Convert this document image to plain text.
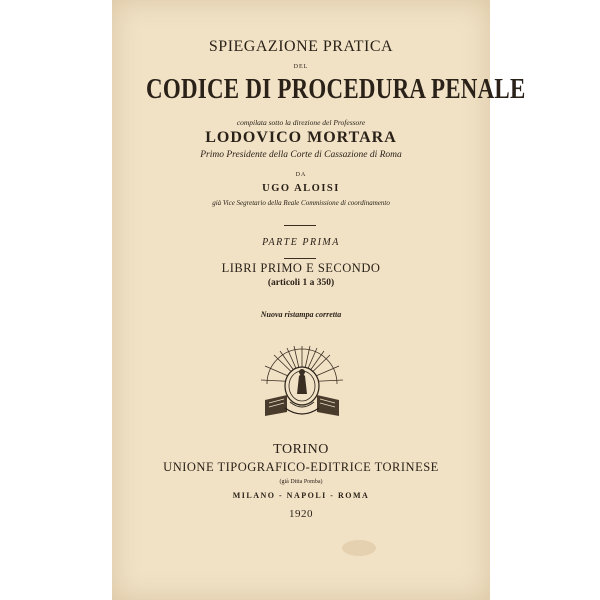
SPIEGAZIONE PRATICA
DEL
CODICE DI PROCEDURA PENALE
compilata sotto la direzione del Professore
LODOVICO MORTARA
Primo Presidente della Corte di Cassazione di Roma
DA
UGO ALOISI
già Vice Segretario della Reale Commissione di coordinamento
PARTE PRIMA
LIBRI PRIMO E SECONDO
(articoli 1 a 350)
Nuova ristampa corretta
TORINO
UNIONE TIPOGRAFICO-EDITRICE TORINESE
(già Ditta Pomba)
MILANO - NAPOLI - ROMA
1920
